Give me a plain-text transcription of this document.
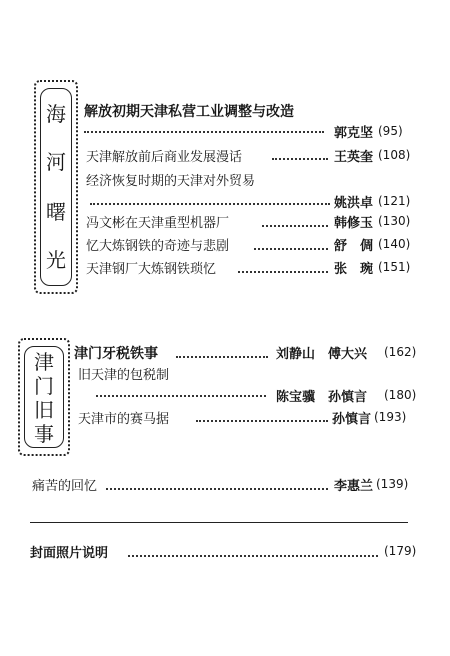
海
河
曙
光
解放初期天津私营工业调整与改造
郭克坚 (95)
天津解放前后商业发展漫话	王英奎 (108)
经济恢复时期的天津对外贸易
姚洪卓 (121)
冯文彬在天津重型机器厂	韩修玉 (130)
忆大炼钢铁的奇迹与悲剧	舒　倜 (140)
天津钢厂大炼钢铁琐忆	张　琬 (151)
津
门
旧
事
津门牙税铁事	刘静山　傅大兴 (162)
旧天津的包税制
陈宝骥　孙慎言 (180)
天津市的赛马据	孙慎言 (193)
痛苦的回忆	李惠兰 (139)
封面照片说明	(179)
